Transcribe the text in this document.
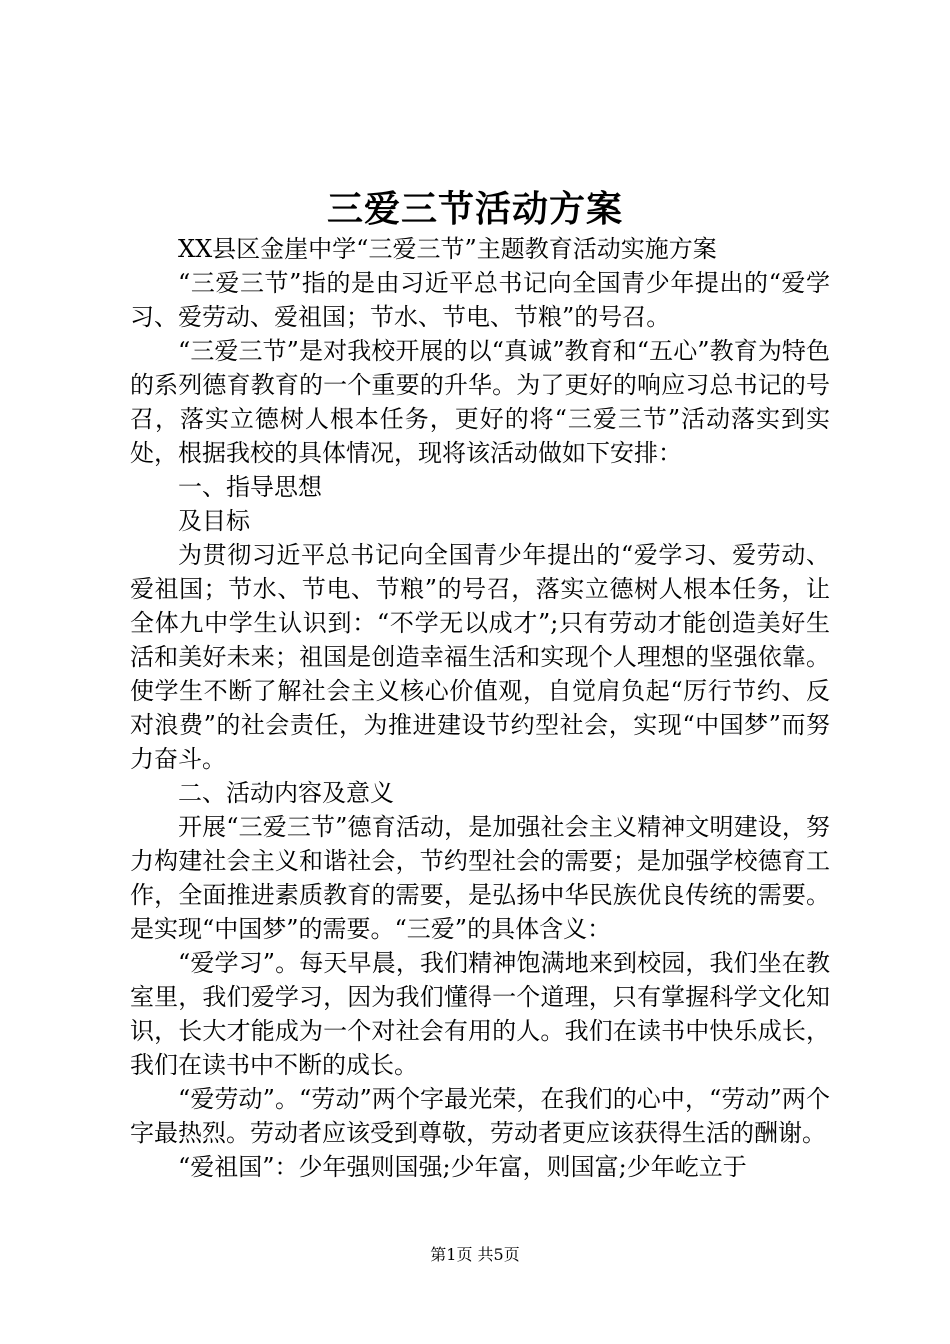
三爱三节活动方案

XX县区金崖中学“三爱三节”主题教育活动实施方案

“三爱三节”指的是由习近平总书记向全国青少年提出的“爱学习、爱劳动、爱祖国；节水、节电、节粮”的号召。

“三爱三节”是对我校开展的以“真诚”教育和“五心”教育为特色的系列德育教育的一个重要的升华。为了更好的响应习总书记的号召，落实立德树人根本任务，更好的将“三爱三节”活动落实到实处，根据我校的具体情况，现将该活动做如下安排：

一、指导思想

及目标

为贯彻习近平总书记向全国青少年提出的“爱学习、爱劳动、爱祖国；节水、节电、节粮”的号召，落实立德树人根本任务，让全体九中学生认识到：“不学无以成才”;只有劳动才能创造美好生活和美好未来；祖国是创造幸福生活和实现个人理想的坚强依靠。使学生不断了解社会主义核心价值观，自觉肩负起“厉行节约、反对浪费”的社会责任，为推进建设节约型社会，实现“中国梦”而努力奋斗。

二、活动内容及意义

开展“三爱三节”德育活动，是加强社会主义精神文明建设，努力构建社会主义和谐社会，节约型社会的需要；是加强学校德育工作，全面推进素质教育的需要，是弘扬中华民族优良传统的需要。是实现“中国梦”的需要。“三爱”的具体含义：

“爱学习”。每天早晨，我们精神饱满地来到校园，我们坐在教室里，我们爱学习，因为我们懂得一个道理，只有掌握科学文化知识，长大才能成为一个对社会有用的人。我们在读书中快乐成长，我们在读书中不断的成长。

“爱劳动”。“劳动”两个字最光荣，在我们的心中，“劳动”两个字最热烈。劳动者应该受到尊敬，劳动者更应该获得生活的酬谢。

“爱祖国”：少年强则国强;少年富，则国富;少年屹立于

第1页 共5页
